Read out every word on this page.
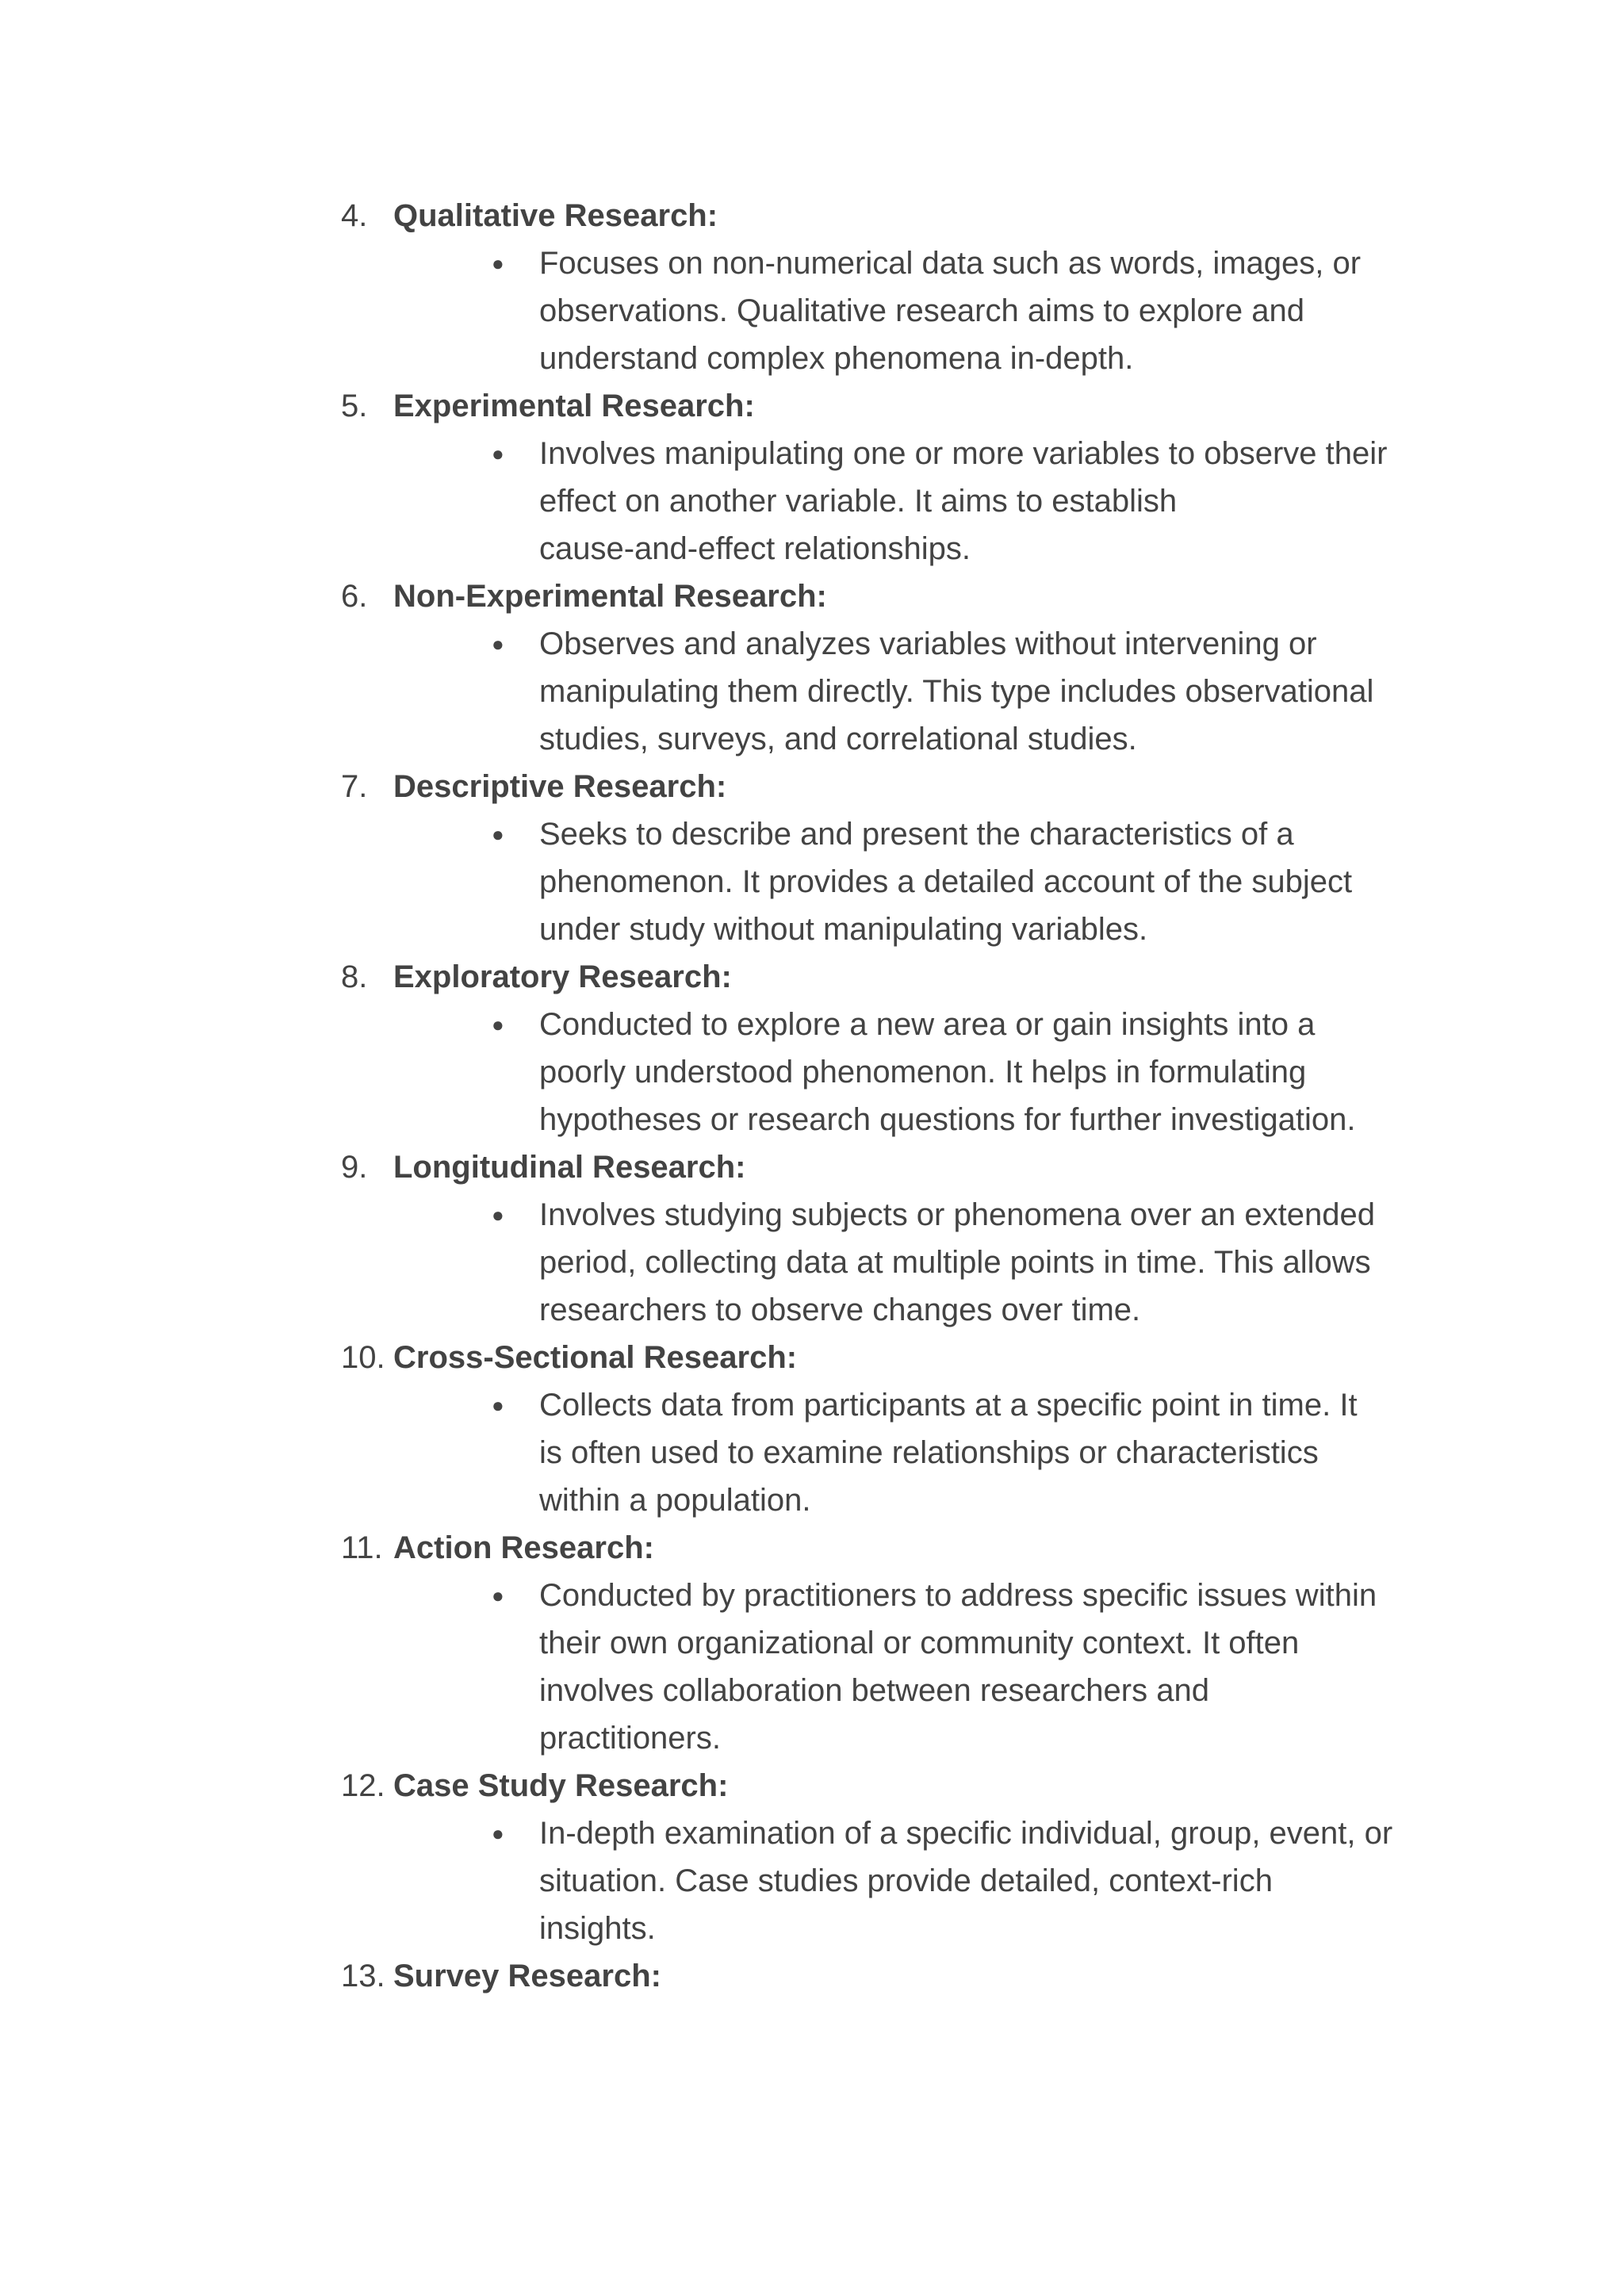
4. Qualitative Research:
● Focuses on non-numerical data such as words, images, or
observations. Qualitative research aims to explore and
understand complex phenomena in-depth.
5. Experimental Research:
● Involves manipulating one or more variables to observe their
effect on another variable. It aims to establish
cause-and-effect relationships.
6. Non-Experimental Research:
● Observes and analyzes variables without intervening or
manipulating them directly. This type includes observational
studies, surveys, and correlational studies.
7. Descriptive Research:
● Seeks to describe and present the characteristics of a
phenomenon. It provides a detailed account of the subject
under study without manipulating variables.
8. Exploratory Research:
● Conducted to explore a new area or gain insights into a
poorly understood phenomenon. It helps in formulating
hypotheses or research questions for further investigation.
9. Longitudinal Research:
● Involves studying subjects or phenomena over an extended
period, collecting data at multiple points in time. This allows
researchers to observe changes over time.
10. Cross-Sectional Research:
● Collects data from participants at a specific point in time. It
is often used to examine relationships or characteristics
within a population.
11. Action Research:
● Conducted by practitioners to address specific issues within
their own organizational or community context. It often
involves collaboration between researchers and
practitioners.
12. Case Study Research:
● In-depth examination of a specific individual, group, event, or
situation. Case studies provide detailed, context-rich
insights.
13. Survey Research:
